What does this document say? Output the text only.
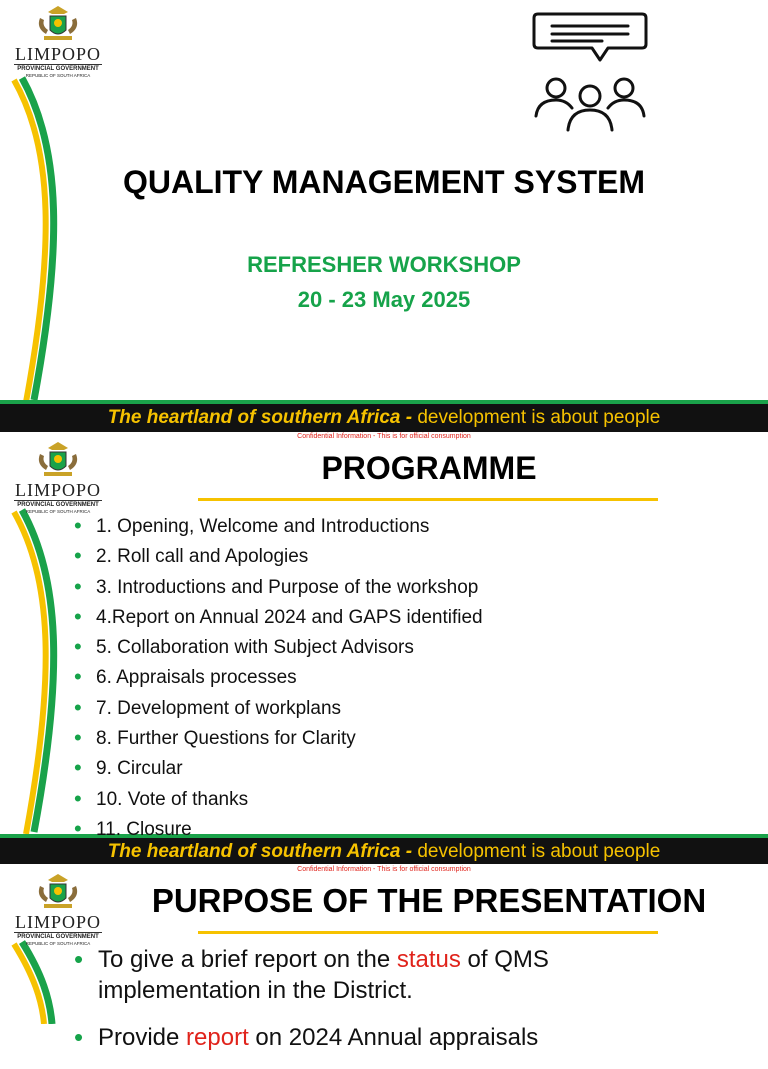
LIMPOPO
PROVINCIAL GOVERNMENT
REPUBLIC OF SOUTH AFRICA
QUALITY MANAGEMENT SYSTEM
REFRESHER WORKSHOP
20 - 23 May 2025
The heartland of southern Africa - development is about people
Confidential Information - This is for official consumption
LIMPOPO
PROVINCIAL GOVERNMENT
REPUBLIC OF SOUTH AFRICA
PROGRAMME
The heartland of southern Africa - development is about people
• 1. Opening, Welcome and Introductions
• 2. Roll call and Apologies
• 3. Introductions and Purpose of the workshop
• 4.Report on Annual 2024 and GAPS identified
• 5. Collaboration with Subject Advisors
• 6. Appraisals processes
• 7. Development of workplans
• 8. Further Questions for Clarity
• 9. Circular
• 10. Vote of thanks
• 11. Closure
Confidential Information - This is for official consumption
LIMPOPO
PROVINCIAL GOVERNMENT
REPUBLIC OF SOUTH AFRICA
PURPOSE OF THE PRESENTATION
• To give a brief report on the status of QMS implementation in the District.
• Provide report on 2024 Annual appraisals
